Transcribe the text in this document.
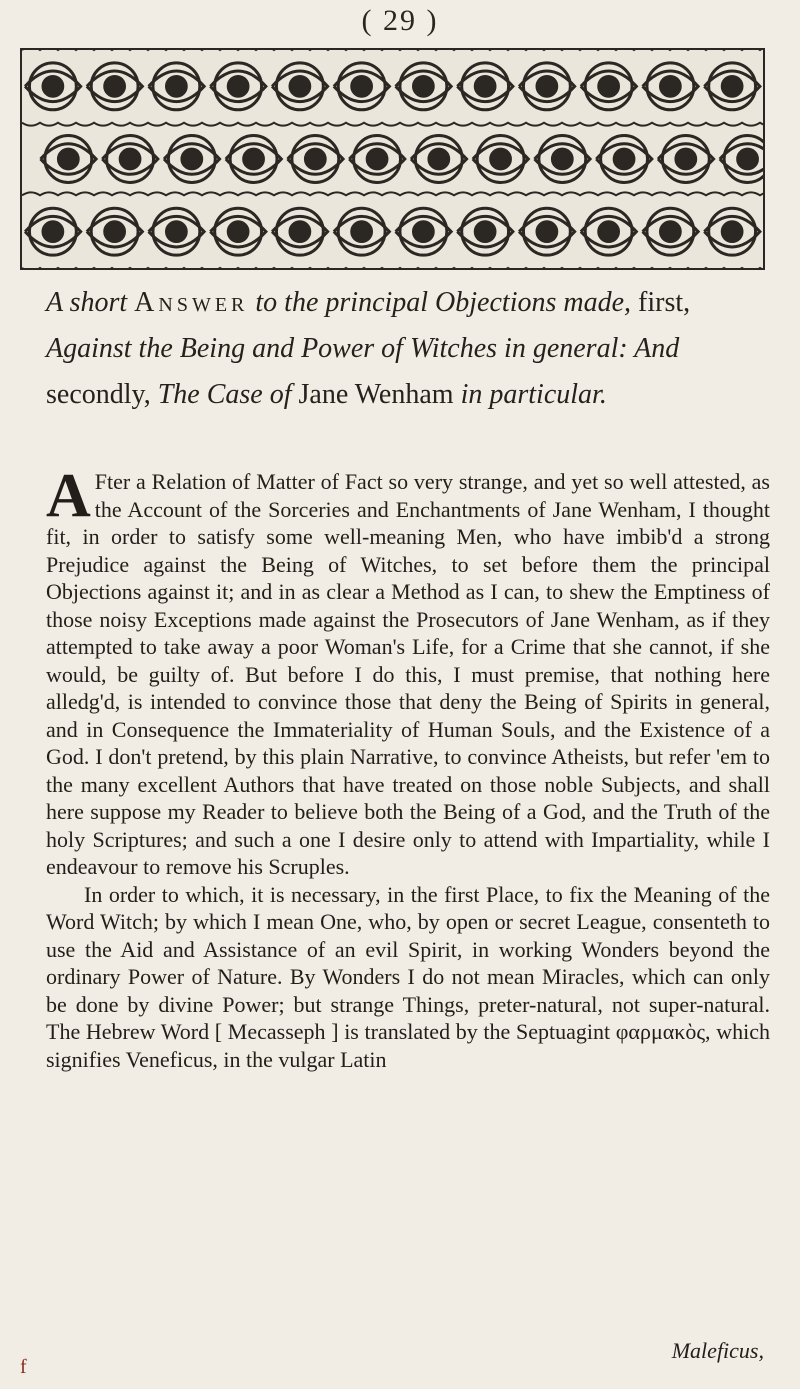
( 29 )
A short Answer to the principal Objections made, first, Against the Being and Power of Witches in general: And secondly, The Case of Jane Wenham in particular.

A Fter a Relation of Matter of Fact so very strange, and yet so well attested, as the Account of the Sorceries and Enchantments of Jane Wenham, I thought fit, in order to satisfy some well-meaning Men, who have imbib'd a strong Prejudice against the Being of Witches, to set before them the principal Objections against it; and in as clear a Method as I can, to shew the Emptiness of those noisy Exceptions made against the Prosecutors of Jane Wenham, as if they attempted to take away a poor Woman's Life, for a Crime that she cannot, if she would, be guilty of. But before I do this, I must premise, that nothing here alledg'd, is intended to convince those that deny the Being of Spirits in general, and in Consequence the Immateriality of Human Souls, and the Existence of a God. I don't pretend, by this plain Narrative, to convince Atheists, but refer 'em to the many excellent Authors that have treated on those noble Subjects, and shall here suppose my Reader to believe both the Being of a God, and the Truth of the holy Scriptures; and such a one I desire only to attend with Impartiality, while I endeavour to remove his Scruples.

In order to which, it is necessary, in the first Place, to fix the Meaning of the Word Witch; by which I mean One, who, by open or secret League, consenteth to use the Aid and Assistance of an evil Spirit, in working Wonders beyond the ordinary Power of Nature. By Wonders I do not mean Miracles, which can only be done by divine Power; but strange Things, preter-natural, not super-natural. The Hebrew Word [ Mecasseph ] is translated by the Septuagint φαρμακὸς, which signifies Veneficus, in the vulgar Latin

Maleficus,
f
